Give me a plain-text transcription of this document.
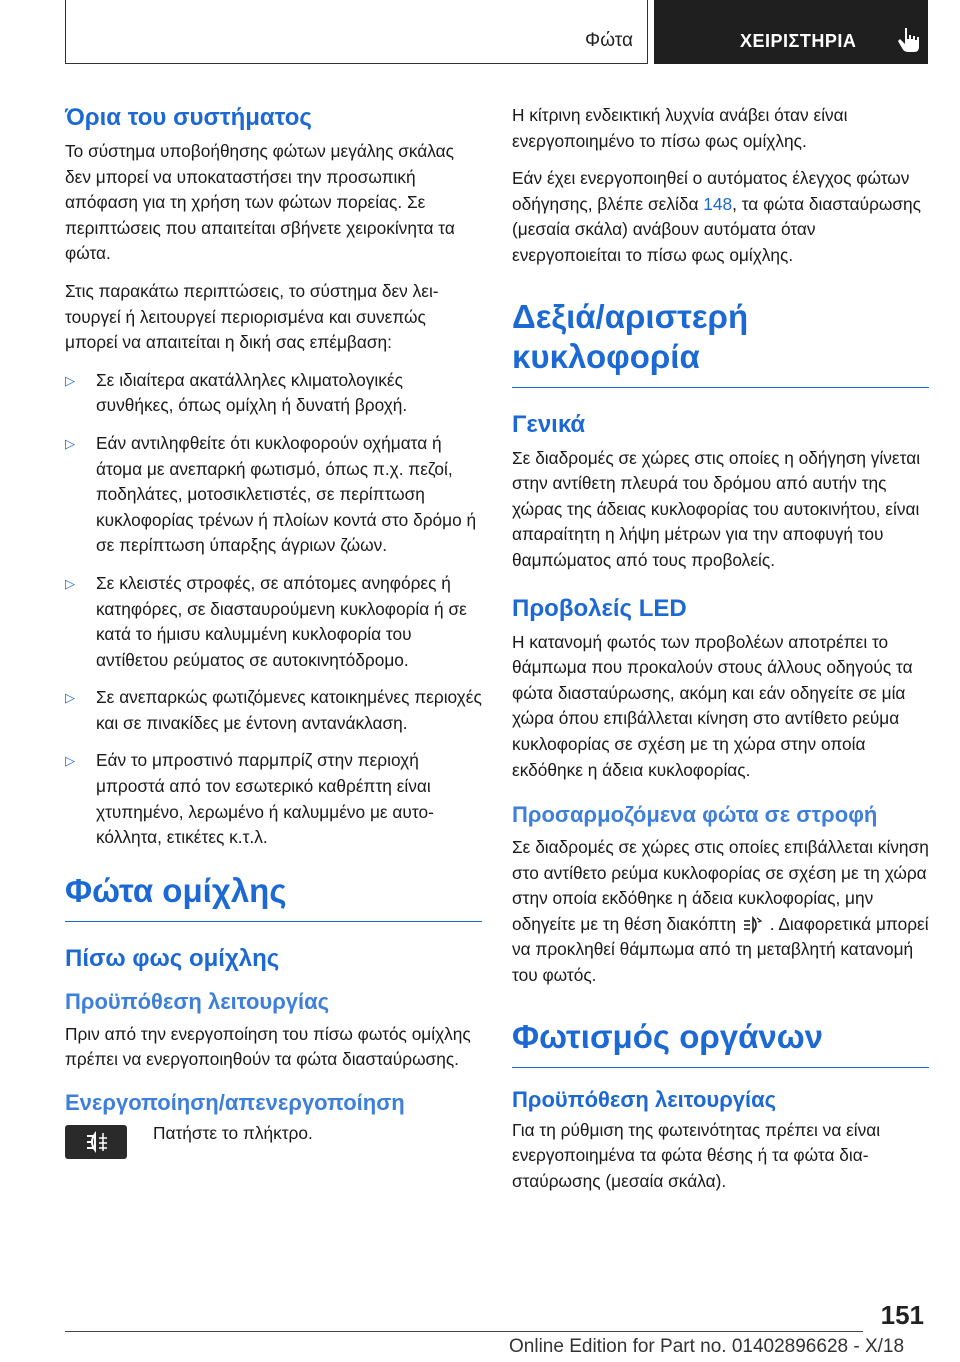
Φώτα	ΧΕΙΡΙΣΤΗΡΙΑ
Όρια του συστήματος

Το σύστημα υποβοήθησης φώτων μεγάλης σκάλας δεν μπορεί να υποκαταστήσει την προσωπική απόφαση για τη χρήση των φώτων πορείας. Σε περιπτώσεις που απαιτείται σβήνετε χειροκίνητα τα φώτα.

Στις παρακάτω περιπτώσεις, το σύστημα δεν λειτουργεί ή λειτουργεί περιορισμένα και συνεπώς μπορεί να απαιτείται η δική σας επέμβαση:

▷ Σε ιδιαίτερα ακατάλληλες κλιματολογικές συνθήκες, όπως ομίχλη ή δυνατή βροχή.
▷ Εάν αντιληφθείτε ότι κυκλοφορούν οχήματα ή άτομα με ανεπαρκή φωτισμό, όπως π.χ. πεζοί, ποδηλάτες, μοτοσικλετιστές, σε περίπτωση κυκλοφορίας τρένων ή πλοίων κοντά στο δρόμο ή σε περίπτωση ύπαρξης άγριων ζώων.
▷ Σε κλειστές στροφές, σε απότομες ανηφόρες ή κατηφόρες, σε διασταυρούμενη κυκλοφορία ή σε κατά το ήμισυ καλυμμένη κυκλοφορία του αντίθετου ρεύματος σε αυτοκινητόδρομο.
▷ Σε ανεπαρκώς φωτιζόμενες κατοικημένες περιοχές και σε πινακίδες με έντονη αντανάκλαση.
▷ Εάν το μπροστινό παρμπρίζ στην περιοχή μπροστά από τον εσωτερικό καθρέπτη είναι χτυπημένο, λερωμένο ή καλυμμένο με αυτοκόλλητα, ετικέτες κ.τ.λ.
Φώτα ομίχλης
Πίσω φως ομίχλης
Προϋπόθεση λειτουργίας

Πριν από την ενεργοποίηση του πίσω φωτός ομίχλης πρέπει να ενεργοποιηθούν τα φώτα διασταύρωσης.

Ενεργοποίηση/απενεργοποίηση

Πατήστε το πλήκτρο.

Η κίτρινη ενδεικτική λυχνία ανάβει όταν είναι ενεργοποιημένο το πίσω φως ομίχλης.

Εάν έχει ενεργοποιηθεί ο αυτόματος έλεγχος φώτων οδήγησης, βλέπε σελίδα 148, τα φώτα διασταύρωσης (μεσαία σκάλα) ανάβουν αυτόματα όταν ενεργοποιείται το πίσω φως ομίχλης.

Δεξιά/αριστερή κυκλοφορία
Γενικά

Σε διαδρομές σε χώρες στις οποίες η οδήγηση γίνεται στην αντίθετη πλευρά του δρόμου από αυτήν της χώρας της άδειας κυκλοφορίας του αυτοκινήτου, είναι απαραίτητη η λήψη μέτρων για την αποφυγή του θαμπώματος από τους προβολείς.

Προβολείς LED

Η κατανομή φωτός των προβολέων αποτρέπει το θάμπωμα που προκαλούν στους άλλους οδηγούς τα φώτα διασταύρωσης, ακόμη και εάν οδηγείτε σε μία χώρα όπου επιβάλλεται κίνηση στο αντίθετο ρεύμα κυκλοφορίας σε σχέση με τη χώρα στην οποία εκδόθηκε η άδεια κυκλοφορίας.

Προσαρμοζόμενα φώτα σε στροφή

Σε διαδρομές σε χώρες στις οποίες επιβάλλεται κίνηση στο αντίθετο ρεύμα κυκλοφορίας σε σχέση με τη χώρα στην οποία εκδόθηκε η άδεια κυκλοφορίας, μην οδηγείτε με τη θέση διακόπτη . Διαφορετικά μπορεί να προκληθεί θάμπωμα από τη μεταβλητή κατανομή του φωτός.

Φωτισμός οργάνων
Προϋπόθεση λειτουργίας

Για τη ρύθμιση της φωτεινότητας πρέπει να είναι ενεργοποιημένα τα φώτα θέσης ή τα φώτα διασταύρωσης (μεσαία σκάλα).

151
Online Edition for Part no. 01402896628 - X/18
